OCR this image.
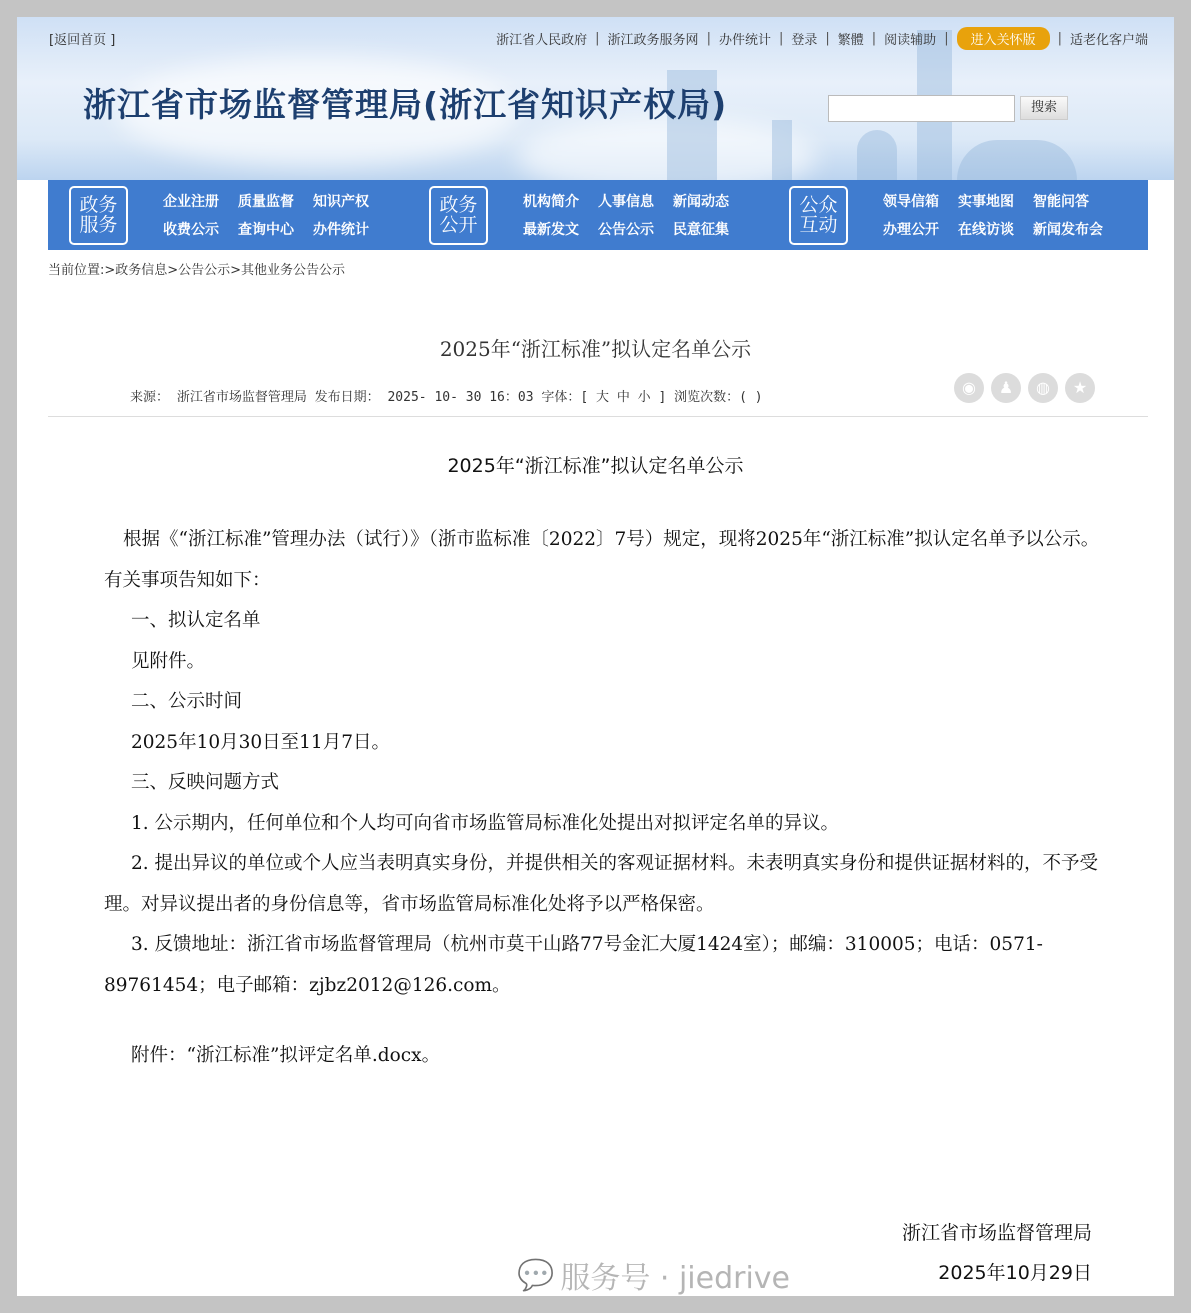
[返回首页 ]	浙江省人民政府 | 浙江政务服务网 | 办件统计 | 登录 | 繁體 | 阅读辅助 |	进入关怀版	| 适老化客户端
浙江省市场监督管理局(浙江省知识产权局)	搜索
政务
服务
企业注册	质量监督	知识产权
收费公示	查询中心	办件统计
政务
公开
机构简介	人事信息	新闻动态
最新发文	公告公示	民意征集
公众
互动
领导信箱	实事地图	智能问答
办理公开	在线访谈	新闻发布会
当前位置:>政务信息>公告公示>其他业务公告公示
2025年“浙江标准”拟认定名单公示
来源： 浙江省市场监督管理局 发布日期： 2025- 10- 30 16：03 字体：[ 大 中 小 ] 浏览次数：( )
◉	♟	◍	★
2025年“浙江标准”拟认定名单公示

根据《“浙江标准”管理办法（试行）》（浙市监标准〔2022〕7号）规定，现将2025年“浙江标准”拟认定名单予以公示。有关事项告知如下：

一、拟认定名单

见附件。

二、公示时间

2025年10月30日至11月7日。

三、反映问题方式

1. 公示期内，任何单位和个人均可向省市场监管局标准化处提出对拟评定名单的异议。

2. 提出异议的单位或个人应当表明真实身份，并提供相关的客观证据材料。未表明真实身份和提供证据材料的，不予受理。对异议提出者的身份信息等，省市场监管局标准化处将予以严格保密。

3. 反馈地址：浙江省市场监督管理局（杭州市莫干山路77号金汇大厦1424室）；邮编：310005；电话：0571-89761454；电子邮箱：zjbz2012@126.com。

附件：“浙江标准”拟评定名单.docx。

浙江省市场监督管理局
2025年10月29日
💬 服务号 · jiedrive
